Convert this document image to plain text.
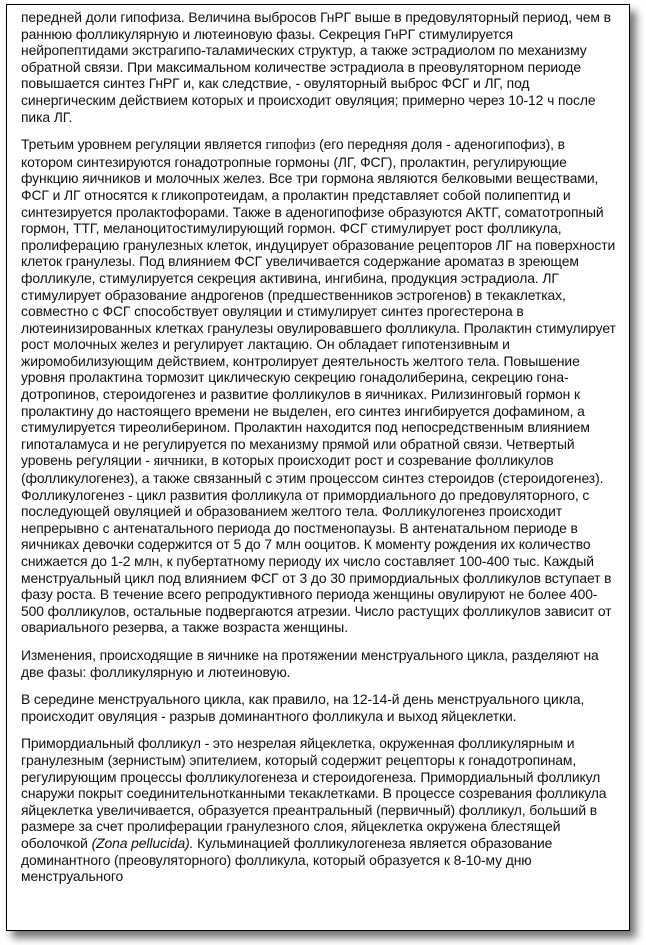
передней доли гипофиза. Величина выбросов ГнРГ выше в предовуляторный период, чем в раннюю фолликулярную и лютеиновую фазы. Секреция ГнРГ стимулируется нейропептидами экстрагипо-таламических структур, а также эстрадиолом по механизму обратной связи. При максимальном количестве эстрадиола в преовуляторном периоде повышается синтез ГнРГ и, как следствие, - овуляторный выброс ФСГ и ЛГ, под синергическим действием которых и происходит овуляция; примерно через 10-12 ч после пика ЛГ.

Третьим уровнем регуляции является гипофиз (его передняя доля - аденогипофиз), в котором синтезируются гонадотропные гормоны (ЛГ, ФСГ), пролактин, регулирующие функцию яичников и молочных желез. Все три гормона являются белковыми веществами, ФСГ и ЛГ относятся к гликопротеидам, а пролактин представляет собой полипептид и синтезируется пролактофорами. Также в аденогипофизе образуются АКТГ, соматотропный гормон, ТТГ, меланоцитостимулирующий гормон. ФСГ стимулирует рост фолликула, пролиферацию гранулезных клеток, индуцирует образование рецепторов ЛГ на поверхности клеток гранулезы. Под влиянием ФСГ увеличивается содержание ароматаз в зреющем фолликуле, стимулируется секреция активина, ингибина, продукция эстрадиола. ЛГ стимулирует образование андрогенов (предшественников эстрогенов) в текаклетках, совместно с ФСГ способствует овуляции и стимулирует синтез прогестерона в лютеинизированных клетках гранулезы овулировавшего фолликула. Пролактин стимулирует рост молочных желез и регулирует лактацию. Он обладает гипотензивным и жиромобилизующим действием, контролирует деятельность желтого тела. Повышение уровня пролактина тормозит циклическую секрецию гонадолиберина, секрецию гона-дотропинов, стероидогенез и развитие фолликулов в яичниках. Рилизинговый гормон к пролактину до настоящего времени не выделен, его синтез ингибируется дофамином, а стимулируется тиреолиберином. Пролактин находится под непосредственным влиянием гипоталамуса и не регулируется по механизму прямой или обратной связи. Четвертый уровень регуляции - яичники, в которых происходит рост и созревание фолликулов (фолликулогенез), а также связанный с этим процессом синтез стероидов (стероидогенез). Фолликулогенез - цикл развития фолликула от примордиального до предовуляторного, с последующей овуляцией и образованием желтого тела. Фолликулогенез происходит непрерывно с антенатального периода до постменопаузы. В антенатальном периоде в яичниках девочки содержится от 5 до 7 млн ооцитов. К моменту рождения их количество снижается до 1-2 млн, к пубертатному периоду их число составляет 100-400 тыс. Каждый менструальный цикл под влиянием ФСГ от 3 до 30 примордиальных фолликулов вступает в фазу роста. В течение всего репродуктивного периода женщины овулируют не более 400-500 фолликулов, остальные подвергаются атрезии. Число растущих фолликулов зависит от овариального резерва, а также возраста женщины.

Изменения, происходящие в яичнике на протяжении менструального цикла, разделяют на две фазы: фолликулярную и лютеиновую.

В середине менструального цикла, как правило, на 12-14-й день менструального цикла, происходит овуляция - разрыв доминантного фолликула и выход яйцеклетки.

Примордиальный фолликул - это незрелая яйцеклетка, окруженная фолликулярным и гранулезным (зернистым) эпителием, который содержит рецепторы к гонадотропинам, регулирующим процессы фолликулогенеза и стероидогенеза. Примордиальный фолликул снаружи покрыт соединительнотканными текаклетками. В процессе созревания фолликула яйцеклетка увеличивается, образуется преантральный (первичный) фолликул, больший в размере за счет пролиферации гранулезного слоя, яйцеклетка окружена блестящей оболочкой (Zona pellucida). Кульминацией фолликулогенеза является образование доминантного (преовуляторного) фолликула, который образуется к 8-10-му дню менструального
